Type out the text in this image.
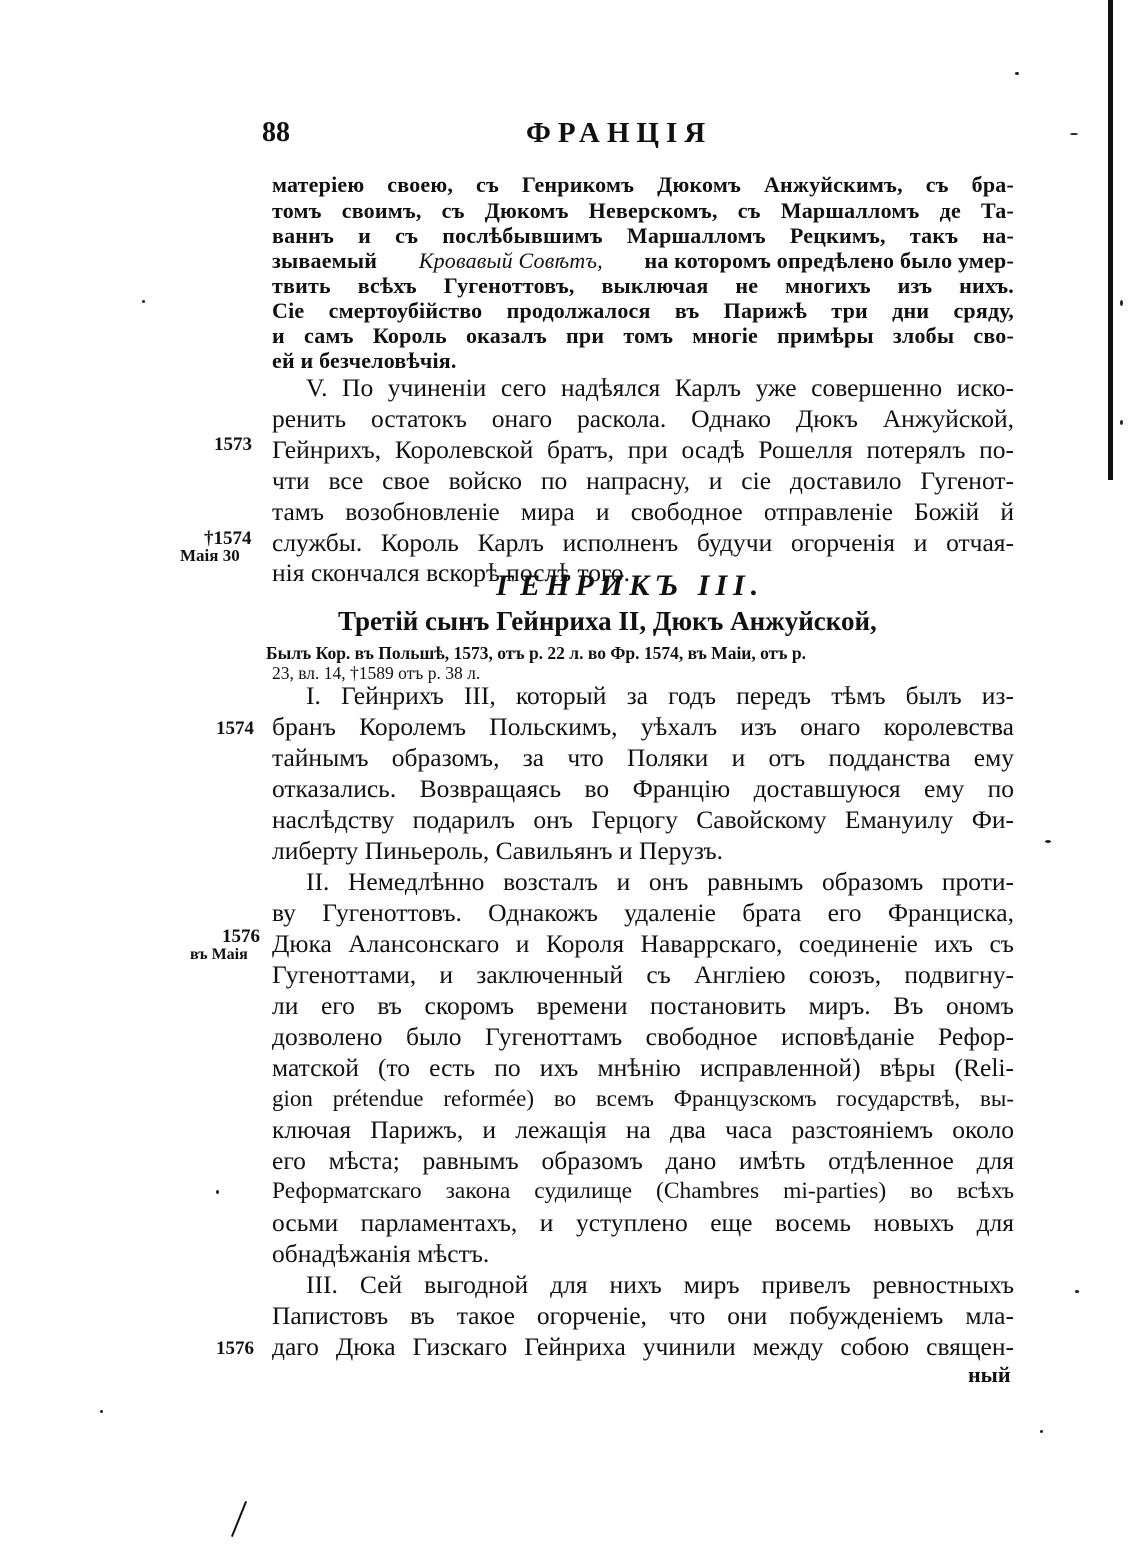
88	ФРАНЦІЯ
матеріею своею, съ Генрикомъ Дюкомъ Анжуйскимъ, съ бра-
томъ своимъ, съ Дюкомъ Неверскомъ, съ Маршалломъ де Та-
ваннъ и съ послѣбывшимъ Маршалломъ Рецкимъ, такъ на-
зываемый Кровавый Совѣтъ, на которомъ опредѣлено было умер-
твить всѣхъ Гугеноттовъ, выключая не многихъ изъ нихъ.
Сіе смертоубійство продолжалося въ Парижѣ три дни сряду,
и самъ Король оказалъ при томъ многіе примѣры злобы сво-
ей и безчеловѣчія.
V. По учиненіи сего надѣялся Карлъ уже совершенно иско-
ренить остатокъ онаго раскола. Однако Дюкъ Анжуйской,
Гейнрихъ, Королевской братъ, при осадѣ Рошелля потерялъ по-
чти все свое войско по напрасну, и сіе доставило Гугенот-
тамъ возобновленіе мира и свободное отправленіе Божій й
службы. Король Карлъ исполненъ будучи огорченія и отчая-
нія скончался вскорѣ послѣ того.
1573
†1574
Маія 30
ГЕНРИКЪ III.
Третій сынъ Гейнриха II, Дюкъ Анжуйской,
Былъ Кор. въ Польшѣ, 1573, отъ р. 22 л. во Фр. 1574, въ Маіи, отъ р.
23, вл. 14, †1589 отъ р. 38 л.
I. Гейнрихъ III, который за годъ передъ тѣмъ былъ из-
бранъ Королемъ Польскимъ, уѣхалъ изъ онаго королевства
тайнымъ образомъ, за что Поляки и отъ подданства ему
отказались. Возвращаясь во Францію доставшуюся ему по
наслѣдству подарилъ онъ Герцогу Савойскому Емануилу Фи-
либерту Пиньероль, Савильянъ и Перузъ.
1574
II. Немедлѣнно возсталъ и онъ равнымъ образомъ проти-
ву Гугеноттовъ. Однакожъ удаленіе брата его Франциска,
Дюка Алансонскаго и Короля Наваррскаго, соединеніе ихъ съ
Гугеноттами, и заключенный съ Англіею союзъ, подвигну-
ли его въ скоромъ времени постановить миръ. Въ ономъ
дозволено было Гугеноттамъ свободное исповѣданіе Рефор-
матской (то есть по ихъ мнѣнію исправленной) вѣры (Reli-
gion prétendue reformée) во всемъ Французскомъ государствѣ, вы-
ключая Парижъ, и лежащія на два часа разстояніемъ около
его мѣста; равнымъ образомъ дано имѣть отдѣленное для
Реформатскаго закона судилище (Chambres mi-parties) во всѣхъ
осьми парламентахъ, и уступлено еще восемь новыхъ для
обнадѣжанія мѣстъ.
1576
въ Маія
III. Сей выгодной для нихъ миръ привелъ ревностныхъ
Папистовъ въ такое огорченіе, что они побужденіемъ мла-
даго Дюка Гизскаго Гейнриха учинили между собою священ-
1576
ный
